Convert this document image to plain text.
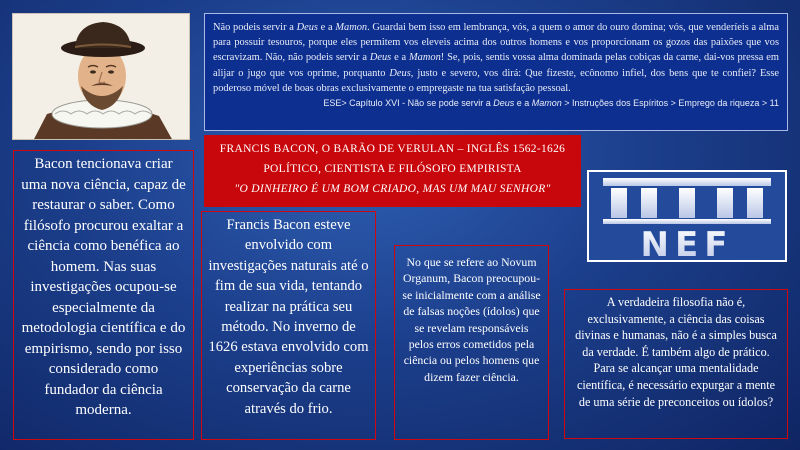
Não podeis servir a Deus e a Mamon. Guardai bem isso em lembrança, vós, a quem o amor do ouro domina; vós, que venderíeis a alma para possuir tesouros, porque eles permitem vos eleveis acima dos outros homens e vos proporcionam os gozos das paixões que vos escravizam. Não, não podeis servir a Deus e a Mamon! Se, pois, sentis vossa alma dominada pelas cobiças da carne, dai-vos pressa em alijar o jugo que vos oprime, porquanto Deus, justo e severo, vos dirá: Que fizeste, ecônomo infiel, dos bens que te confiei? Esse poderoso móvel de boas obras exclusivamente o empregaste na tua satisfação pessoal.
ESE> Capítulo XVI - Não se pode servir a Deus e a Mamon > Instruções dos Espíritos > Emprego da riqueza > 11
FRANCIS BACON, O BARÃO DE VERULAN – INGLÊS 1562-1626
POLÍTICO, CIENTISTA E FILÓSOFO EMPIRISTA
"O DINHEIRO É UM BOM CRIADO, MAS UM MAU SENHOR"
NEF
Bacon tencionava criar uma nova ciência, capaz de restaurar o saber. Como filósofo procurou exaltar a ciência como benéfica ao homem. Nas suas investigações ocupou-se especialmente da metodologia científica e do empirismo, sendo por isso considerado como fundador da ciência moderna.
Francis Bacon esteve envolvido com investigações naturais até o fim de sua vida, tentando realizar na prática seu método. No inverno de 1626 estava envolvido com experiências sobre conservação da carne através do frio.
No que se refere ao Novum Organum, Bacon preocupou-se inicialmente com a análise de falsas noções (ídolos) que se revelam responsáveis pelos erros cometidos pela ciência ou pelos homens que dizem fazer ciência.
A verdadeira filosofia não é, exclusivamente, a ciência das coisas divinas e humanas, não é a simples busca da verdade. É também algo de prático. Para se alcançar uma mentalidade científica, é necessário expurgar a mente de uma série de preconceitos ou ídolos?
